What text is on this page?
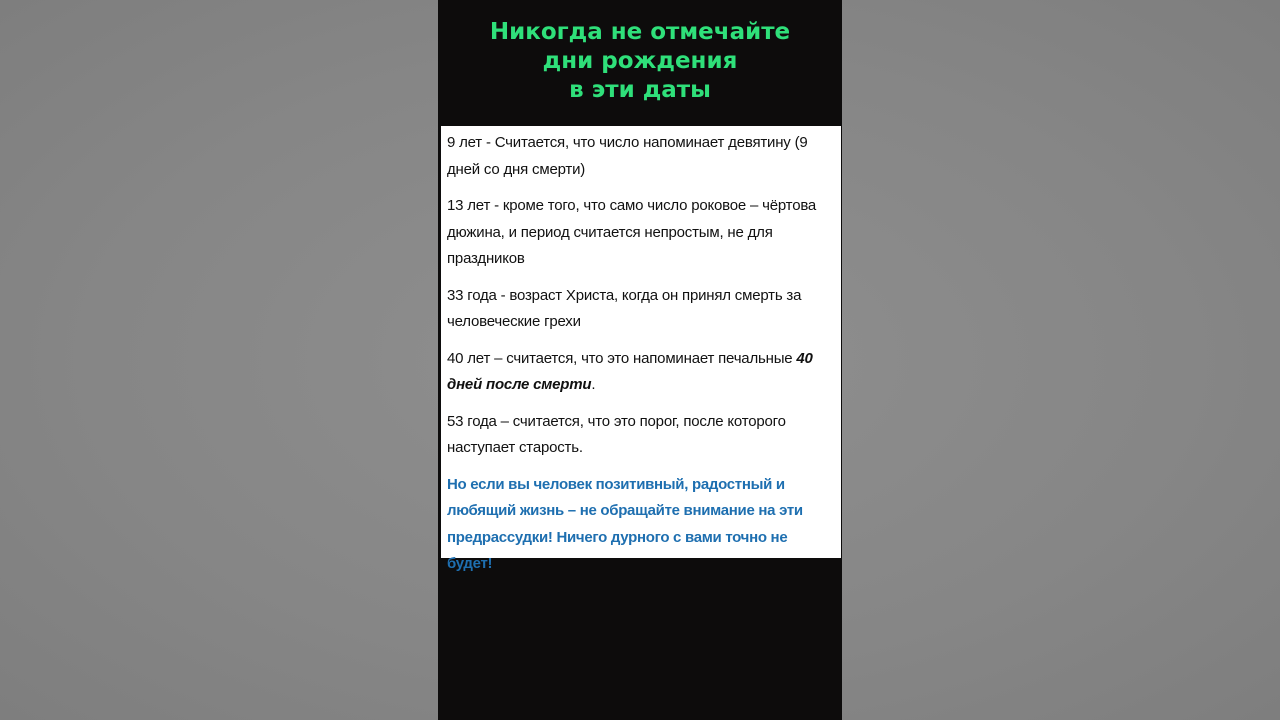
Никогда не отмечайте
дни рождения
в эти даты

9 лет - Считается, что число напоминает девятину (9 дней со дня смерти)

13 лет - кроме того, что само число роковое – чёртова дюжина, и период считается непростым, не для праздников

33 года - возраст Христа, когда он принял смерть за человеческие грехи

40 лет – считается, что это напоминает печальные 40 дней после смерти.

53 года – считается, что это порог, после которого наступает старость.

Но если вы человек позитивный, радостный и любящий жизнь – не обращайте внимание на эти предрассудки! Ничего дурного с вами точно не будет!
